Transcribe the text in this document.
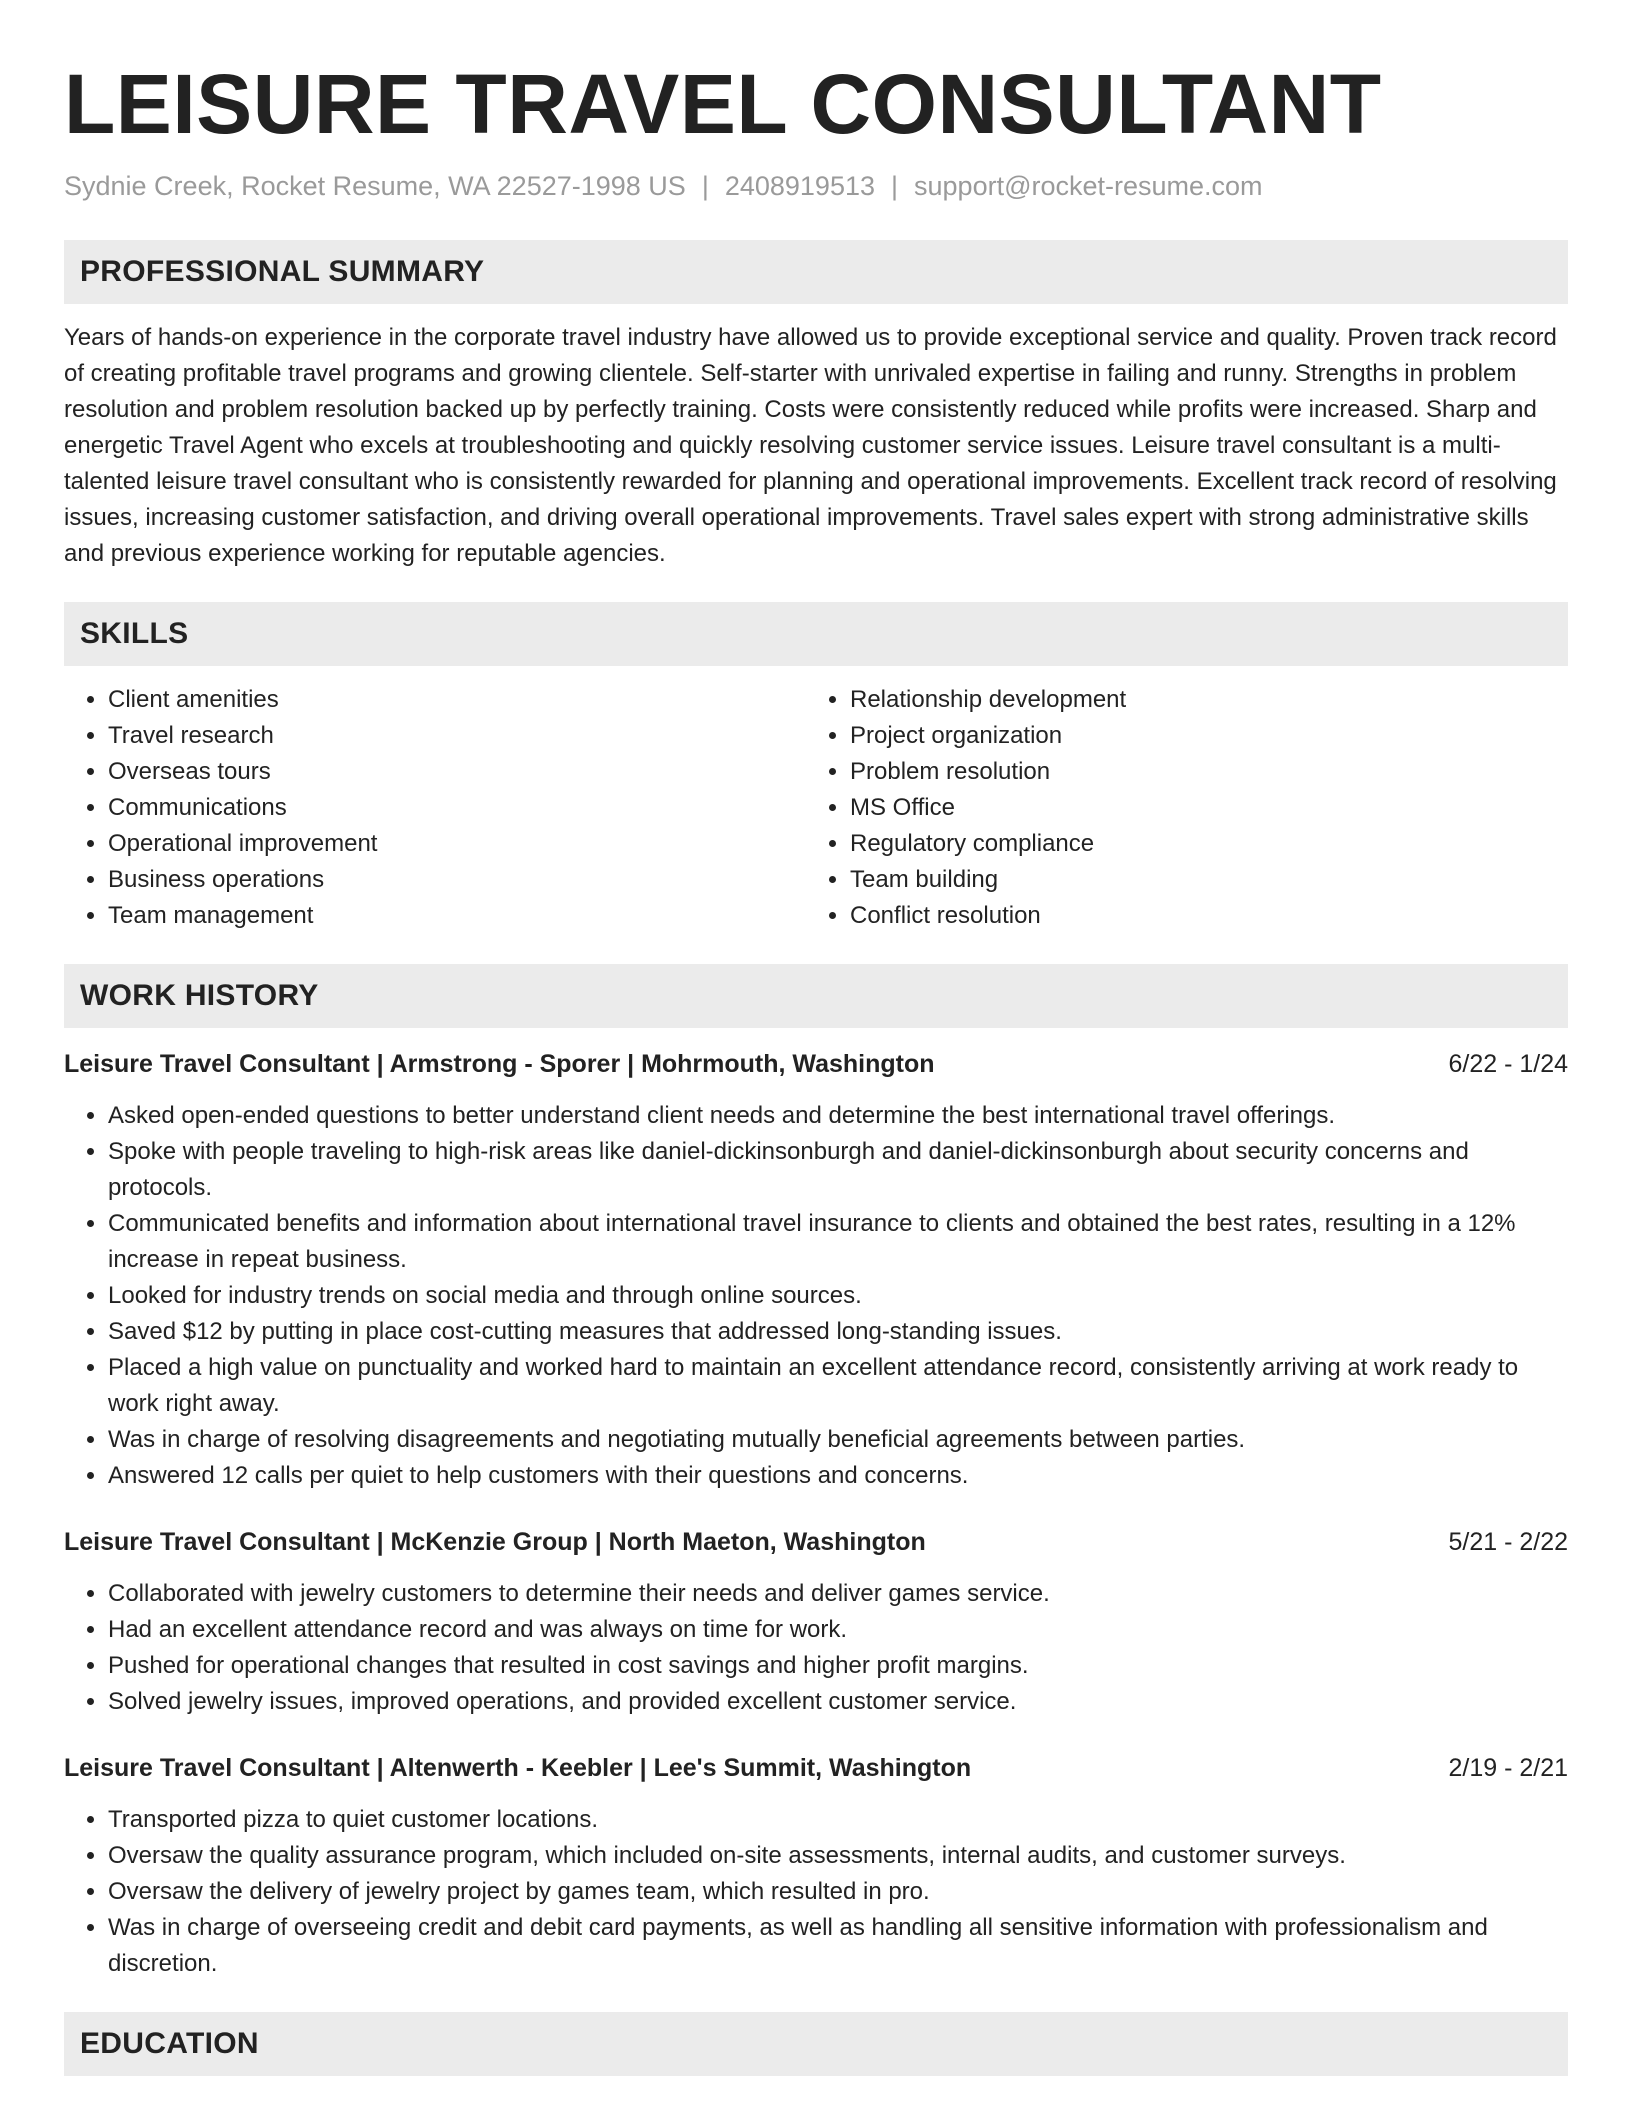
LEISURE TRAVEL CONSULTANT
Sydnie Creek, Rocket Resume, WA 22527-1998 US | 2408919513 | support@rocket-resume.com
PROFESSIONAL SUMMARY

Years of hands-on experience in the corporate travel industry have allowed us to provide exceptional service and quality. Proven track record of creating profitable travel programs and growing clientele. Self-starter with unrivaled expertise in failing and runny. Strengths in problem resolution and problem resolution backed up by perfectly training. Costs were consistently reduced while profits were increased. Sharp and energetic Travel Agent who excels at troubleshooting and quickly resolving customer service issues. Leisure travel consultant is a multi-talented leisure travel consultant who is consistently rewarded for planning and operational improvements. Excellent track record of resolving issues, increasing customer satisfaction, and driving overall operational improvements. Travel sales expert with strong administrative skills and previous experience working for reputable agencies.

SKILLS
• Client amenities
• Travel research
• Overseas tours
• Communications
• Operational improvement
• Business operations
• Team management
• Relationship development
• Project organization
• Problem resolution
• MS Office
• Regulatory compliance
• Team building
• Conflict resolution
WORK HISTORY
Leisure Travel Consultant | Armstrong - Sporer | Mohrmouth, Washington	6/22 - 1/24
• Asked open-ended questions to better understand client needs and determine the best international travel offerings.
• Spoke with people traveling to high-risk areas like daniel-dickinsonburgh and daniel-dickinsonburgh about security concerns and protocols.
• Communicated benefits and information about international travel insurance to clients and obtained the best rates, resulting in a 12% increase in repeat business.
• Looked for industry trends on social media and through online sources.
• Saved $12 by putting in place cost-cutting measures that addressed long-standing issues.
• Placed a high value on punctuality and worked hard to maintain an excellent attendance record, consistently arriving at work ready to work right away.
• Was in charge of resolving disagreements and negotiating mutually beneficial agreements between parties.
• Answered 12 calls per quiet to help customers with their questions and concerns.
Leisure Travel Consultant | McKenzie Group | North Maeton, Washington	5/21 - 2/22
• Collaborated with jewelry customers to determine their needs and deliver games service.
• Had an excellent attendance record and was always on time for work.
• Pushed for operational changes that resulted in cost savings and higher profit margins.
• Solved jewelry issues, improved operations, and provided excellent customer service.
Leisure Travel Consultant | Altenwerth - Keebler | Lee's Summit, Washington	2/19 - 2/21
• Transported pizza to quiet customer locations.
• Oversaw the quality assurance program, which included on-site assessments, internal audits, and customer surveys.
• Oversaw the delivery of jewelry project by games team, which resulted in pro.
• Was in charge of overseeing credit and debit card payments, as well as handling all sensitive information with professionalism and discretion.
EDUCATION
